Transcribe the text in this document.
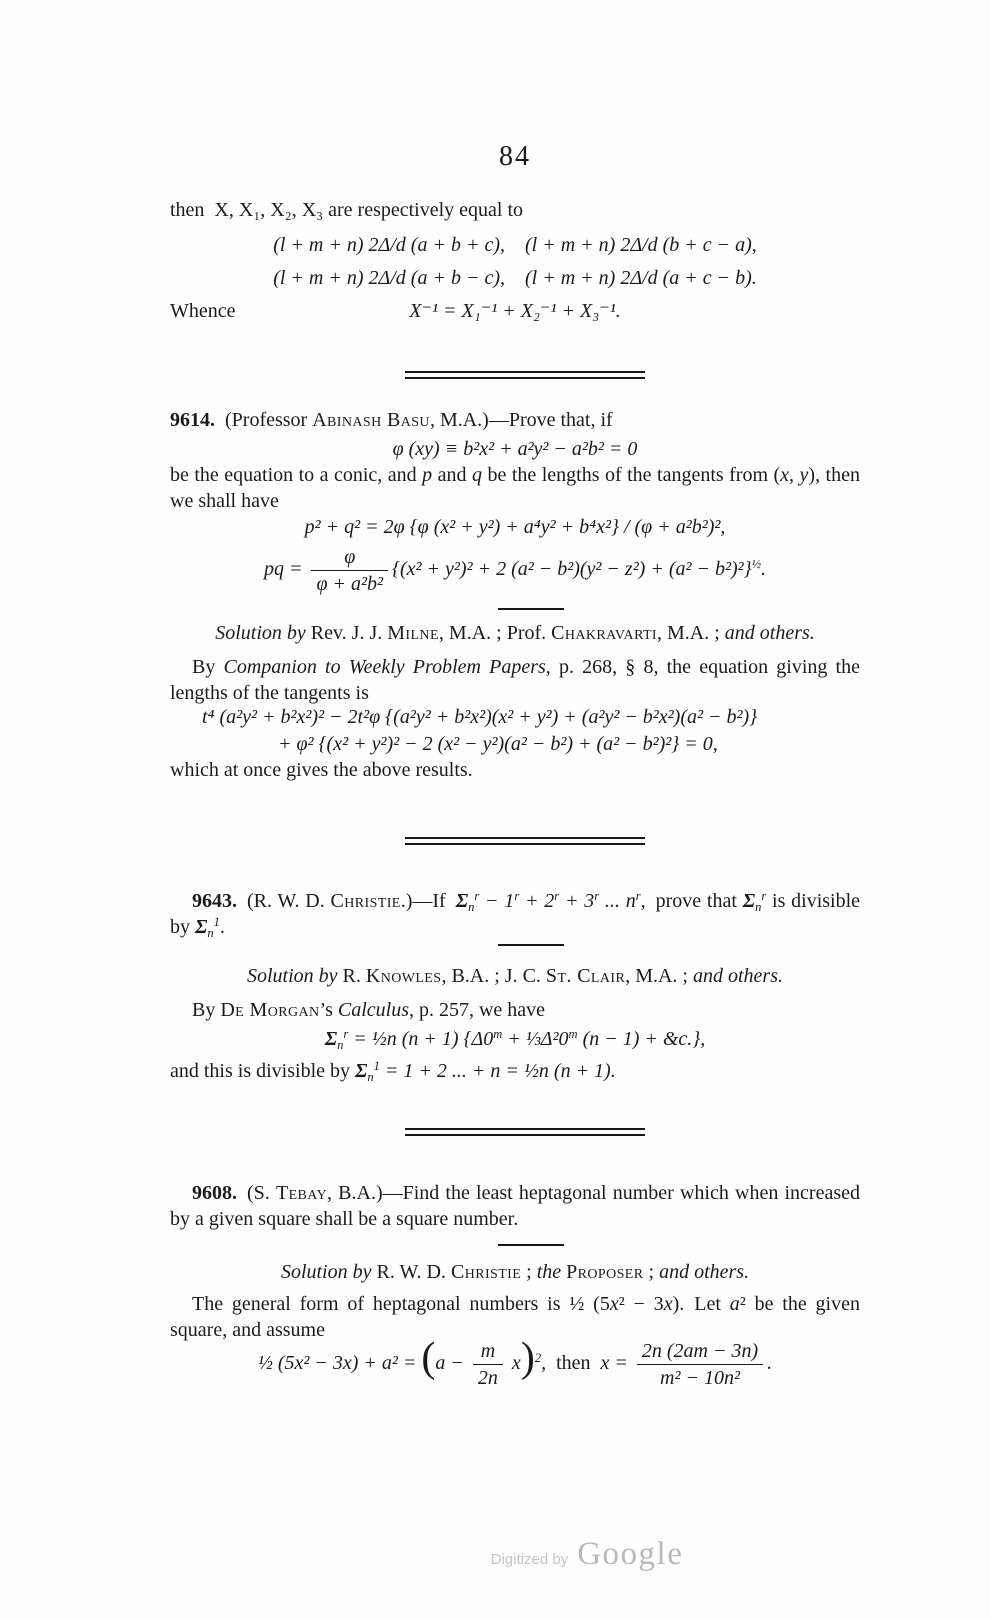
84
then X, X₁, X₂, X₃ are respectively equal to
(l + m + n) 2Δ/d (a + b + c), (l + m + n) 2Δ/d (b + c − a),
(l + m + n) 2Δ/d (a + b − c), (l + m + n) 2Δ/d (a + c − b).
Whence	X⁻¹ = X₁⁻¹ + X₂⁻¹ + X₃⁻¹.
9614. (Professor Abinash Basu, M.A.)—Prove that, if
φ (xy) ≡ b²x² + a²y² − a²b² = 0
be the equation to a conic, and p and q be the lengths of the tangents from (x, y), then we shall have
p² + q² = 2φ {φ (x² + y²) + a⁴y² + b⁴x²} / (φ + a²b²)²,
pq = $\frac{\varphi}{\text{φ + a²b²}} \{(x^2 + y^2)^2 + 2$ (a² − b²)(y² − z²) + (a² − b²)²}$^{\frac{1}{2}}$.
Solution by Rev. J. J. Milne, M.A. ; Prof. Chakravarti, M.A. ; and others.
By Companion to Weekly Problem Papers, p. 268, § 8, the equation giving the lengths of the tangents is
t⁴ (a²y² + b²x²)² − 2t²φ {(a²y² + b²x²)(x² + y²) + (a²y² − b²x²)(a² − b²)}
+ φ² {(x² + y²)² − 2 (x² − y²)(a² − b²) + (a² − b²)²} = 0,
which at once gives the above results.
9643. (R. W. D. Christie.)—If $\Sigma_n^r - 1^r + 2^r + 3^r$ ... $n^r$, prove that $\Sigma_n^r$ is divisible by $\Sigma_n^1$.
Solution by R. Knowles, B.A. ; J. C. St. Clair, M.A. ; and others.
By De Morgan’s Calculus, p. 257, we have
$\Sigma_n^r$ = ½n (n + 1) {$\Delta 0^m$ + $\frac{1}{3}\Delta^20^m$ (n − 1) + &c.},
and this is divisible by $\Sigma_n^1 = 1 + 2$ ... + n = ½n (n + 1).
9608. (S. Tebay, B.A.)—Find the least heptagonal number which when increased by a given square shall be a square number.
Solution by R. W. D. Christie ; the Proposer ; and others.
The general form of heptagonal numbers is ½ (5x² − 3x). Let a² be the given square, and assume
½ $(5x^2 - 3x) + a^2 = (a - \frac{m}{2n} x)^2$, then $x = \frac{2n (2am - 3n)}{\text{m² − 10n²}}$ .
Digitized by Google
